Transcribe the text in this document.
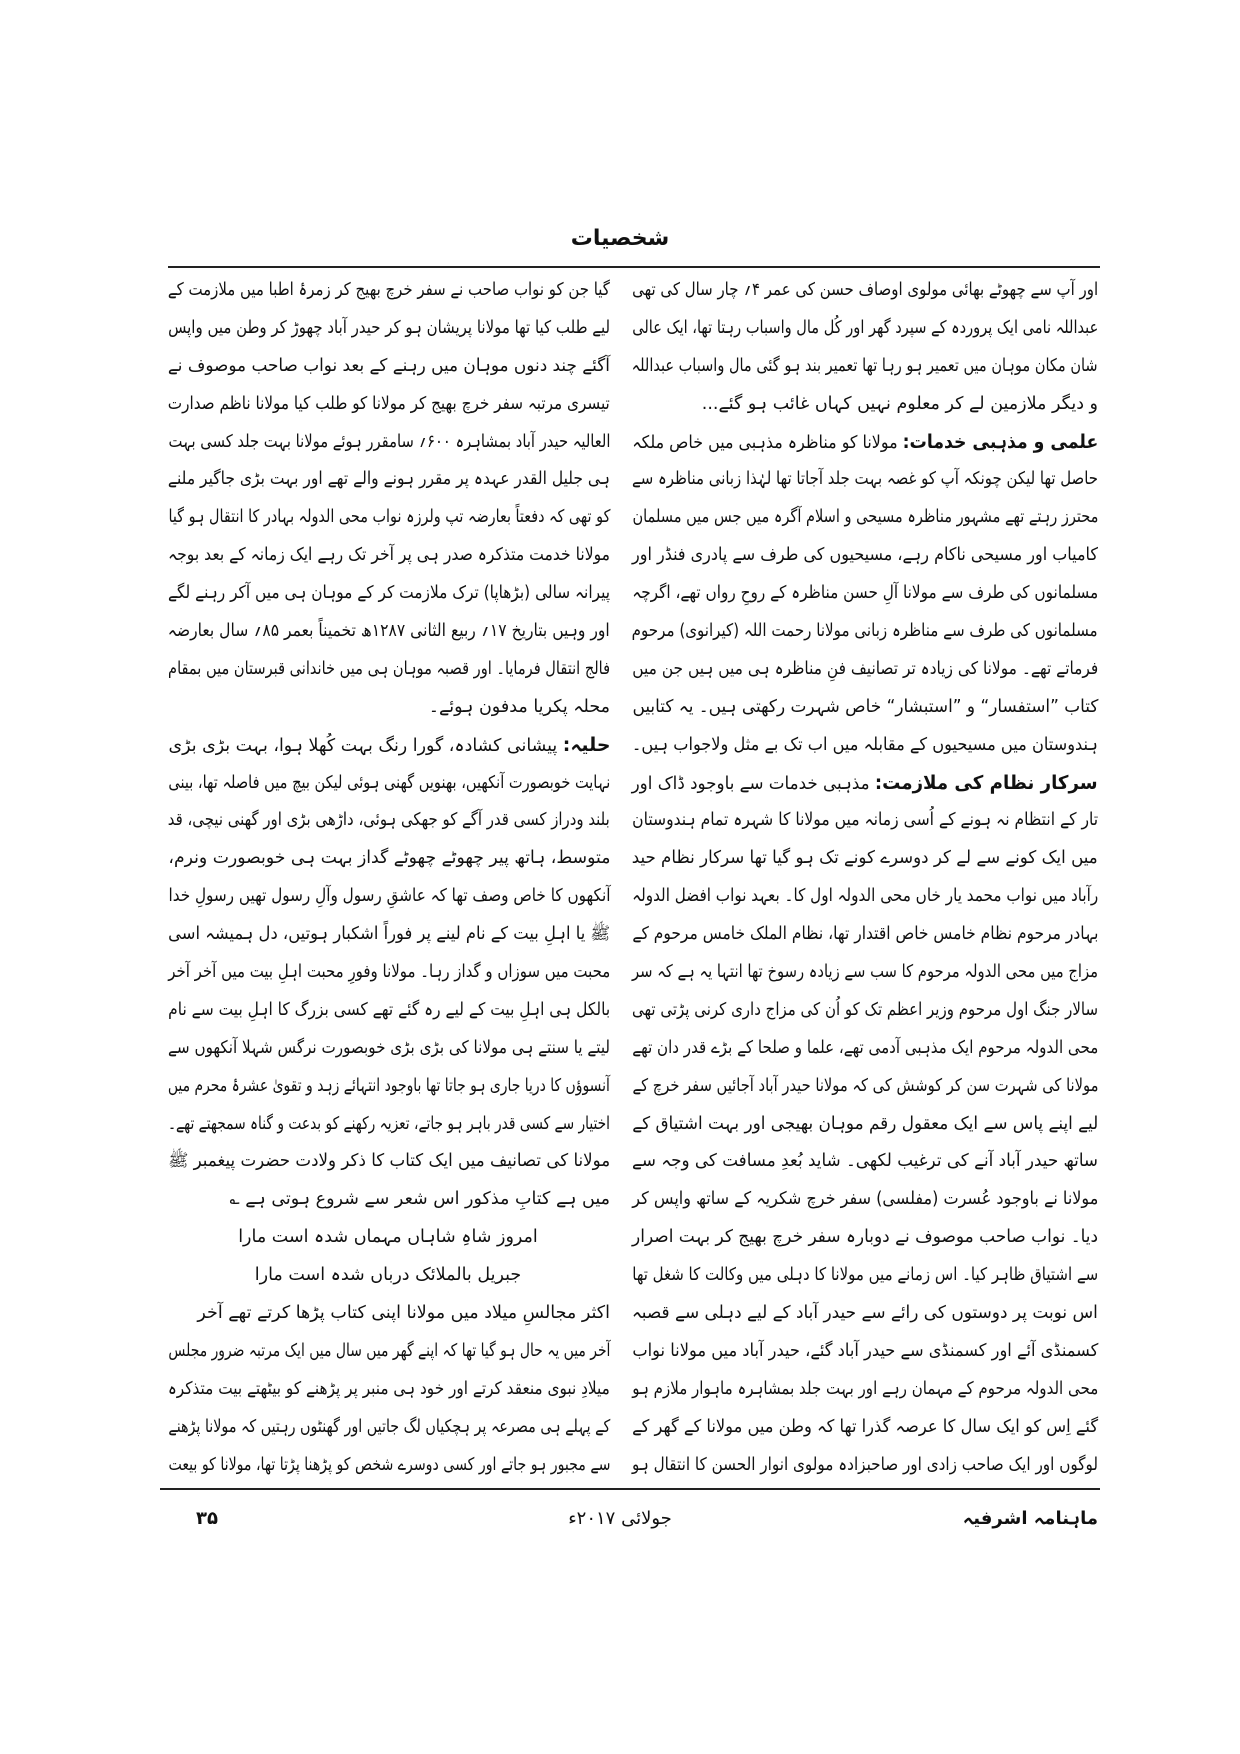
شخصیات
اور آپ سے چھوٹے بھائی مولوی اوصاف حسن کی عمر ۴؍ چار سال کی تھی
عبداللہ نامی ایک پروردہ کے سپرد گھر اور کُل مال واسباب رہتا تھا، ایک عالی
شان مکان موہان میں تعمیر ہو رہا تھا تعمیر بند ہو گئی مال واسباب عبداللہ
و دیگر ملازمین لے کر معلوم نہیں کہاں غائب ہو گئے...
علمی و مذہبی خدمات: مولانا کو مناظرہ مذہبی میں خاص ملکہ
حاصل تھا لیکن چونکہ آپ کو غصہ بہت جلد آجاتا تھا لہٰذا زبانی مناظرہ سے
محترز رہتے تھے مشہور مناظرہ مسیحی و اسلام آگرہ میں جس میں مسلمان
کامیاب اور مسیحی ناکام رہے، مسیحیوں کی طرف سے پادری فنڈر اور
مسلمانوں کی طرف سے مولانا آلِ حسن مناظرہ کے روحِ رواں تھے، اگرچہ
مسلمانوں کی طرف سے مناظرہ زبانی مولانا رحمت اللہ (کیرانوی) مرحوم
فرماتے تھے۔ مولانا کی زیادہ تر تصانیف فنِ مناظرہ ہی میں ہیں جن میں
کتاب ”استفسار“ و ”استبشار“ خاص شہرت رکھتی ہیں۔ یہ کتابیں
ہندوستان میں مسیحیوں کے مقابلہ میں اب تک بے مثل ولاجواب ہیں۔
سرکار نظام کی ملازمت: مذہبی خدمات سے باوجود ڈاک اور
تار کے انتظام نہ ہونے کے اُسی زمانہ میں مولانا کا شہرہ تمام ہندوستان
میں ایک کونے سے لے کر دوسرے کونے تک ہو گیا تھا سرکار نظام حید
رآباد میں نواب محمد یار خاں محی الدولہ اول کا۔ بعہد نواب افضل الدولہ
بہادر مرحوم نظام خامس خاص اقتدار تھا، نظام الملک خامس مرحوم کے
مزاج میں محی الدولہ مرحوم کا سب سے زیادہ رسوخ تھا انتہا یہ ہے کہ سر
سالار جنگ اول مرحوم وزیر اعظم تک کو اُن کی مزاج داری کرنی پڑتی تھی
محی الدولہ مرحوم ایک مذہبی آدمی تھے، علما و صلحا کے بڑے قدر دان تھے
مولانا کی شہرت سن کر کوشش کی کہ مولانا حیدر آباد آجائیں سفر خرچ کے
لیے اپنے پاس سے ایک معقول رقم موہان بھیجی اور بہت اشتیاق کے
ساتھ حیدر آباد آنے کی ترغیب لکھی۔ شاید بُعدِ مسافت کی وجہ سے
مولانا نے باوجود عُسرت (مفلسی) سفر خرچ شکریہ کے ساتھ واپس کر
دیا۔ نواب صاحب موصوف نے دوبارہ سفر خرچ بھیج کر بہت اصرار
سے اشتیاق ظاہر کیا۔ اس زمانے میں مولانا کا دہلی میں وکالت کا شغل تھا
اس نوبت پر دوستوں کی رائے سے حیدر آباد کے لیے دہلی سے قصبہ
کسمنڈی آئے اور کسمنڈی سے حیدر آباد گئے، حیدر آباد میں مولانا نواب
محی الدولہ مرحوم کے مہمان رہے اور بہت جلد بمشاہرہ ماہوار ملازم ہو
گئے اِس کو ایک سال کا عرصہ گذرا تھا کہ وطن میں مولانا کے گھر کے
لوگوں اور ایک صاحب زادی اور صاحبزادہ مولوی انوار الحسن کا انتقال ہو
گیا جن کو نواب صاحب نے سفر خرچ بھیج کر زمرۂ اطبا میں ملازمت کے
لیے طلب کیا تھا مولانا پریشان ہو کر حیدر آباد چھوڑ کر وطن میں واپس
آگئے چند دنوں موہان میں رہنے کے بعد نواب صاحب موصوف نے
تیسری مرتبہ سفر خرچ بھیج کر مولانا کو طلب کیا مولانا ناظم صدارت
العالیہ حیدر آباد بمشاہرہ ۶۰۰؍ سامقرر ہوئے مولانا بہت جلد کسی بہت
ہی جلیل القدر عہدہ پر مقرر ہونے والے تھے اور بہت بڑی جاگیر ملنے
کو تھی کہ دفعتاً بعارضہ تپ ولرزہ نواب محی الدولہ بہادر کا انتقال ہو گیا
مولانا خدمت متذکرہ صدر ہی پر آخر تک رہے ایک زمانہ کے بعد بوجہ
پیرانہ سالی (بڑھاپا) ترک ملازمت کر کے موہان ہی میں آکر رہنے لگے
اور وہیں بتاریخ ۱۷؍ ربیع الثانی ۱۲۸۷ھ تخمیناً بعمر ۸۵؍ سال بعارضہ
فالج انتقال فرمایا۔ اور قصبہ موہان ہی میں خاندانی قبرستان میں بمقام
محلہ پکریا مدفون ہوئے۔
حلیہ: پیشانی کشادہ، گورا رنگ بہت کُھلا ہوا، بہت بڑی بڑی
نہایت خوبصورت آنکھیں، بھنویں گھنی ہوئی لیکن بیچ میں فاصلہ تھا، بینی
بلند ودراز کسی قدر آگے کو جھکی ہوئی، داڑھی بڑی اور گھنی نیچی، قد
متوسط، ہاتھ پیر چھوٹے چھوٹے گداز بہت ہی خوبصورت ونرم،
آنکھوں کا خاص وصف تھا کہ عاشقِ رسول وآلِ رسول تھیں رسولِ خدا
ﷺ یا اہلِ بیت کے نام لینے پر فوراً اشکبار ہوتیں، دل ہمیشہ اسی
محبت میں سوزاں و گداز رہا۔ مولانا وفورِ محبت اہلِ بیت میں آخر آخر
بالکل ہی اہلِ بیت کے لیے رہ گئے تھے کسی بزرگ کا اہلِ بیت سے نام
لیتے یا سنتے ہی مولانا کی بڑی بڑی خوبصورت نرگس شہلا آنکھوں سے
آنسوؤں کا دریا جاری ہو جاتا تھا باوجود انتہائے زہد و تقویٰ عشرۂ محرم میں
اختیار سے کسی قدر باہر ہو جاتے، تعزیہ رکھنے کو بدعت و گناہ سمجھتے تھے۔
مولانا کی تصانیف میں ایک کتاب کا ذکر ولادت حضرت پیغمبر ﷺ
میں ہے کتابِ مذکور اس شعر سے شروع ہوتی ہے ؎
امروز شاہِ شاہاں مہماں شدہ است مارا
جبریل بالملائک درباں شدہ است مارا
اکثر مجالسِ میلاد میں مولانا اپنی کتاب پڑھا کرتے تھے آخر
آخر میں یہ حال ہو گیا تھا کہ اپنے گھر میں سال میں ایک مرتبہ ضرور مجلس
میلادِ نبوی منعقد کرتے اور خود ہی منبر پر پڑھنے کو بیٹھتے بیت متذکرہ
کے پہلے ہی مصرعہ پر ہچکیاں لگ جاتیں اور گھنٹوں رہتیں کہ مولانا پڑھنے
سے مجبور ہو جاتے اور کسی دوسرے شخص کو پڑھنا پڑتا تھا، مولانا کو بیعت
ماہنامہ اشرفیہ
جولائی ۲۰۱۷ء
۳۵
